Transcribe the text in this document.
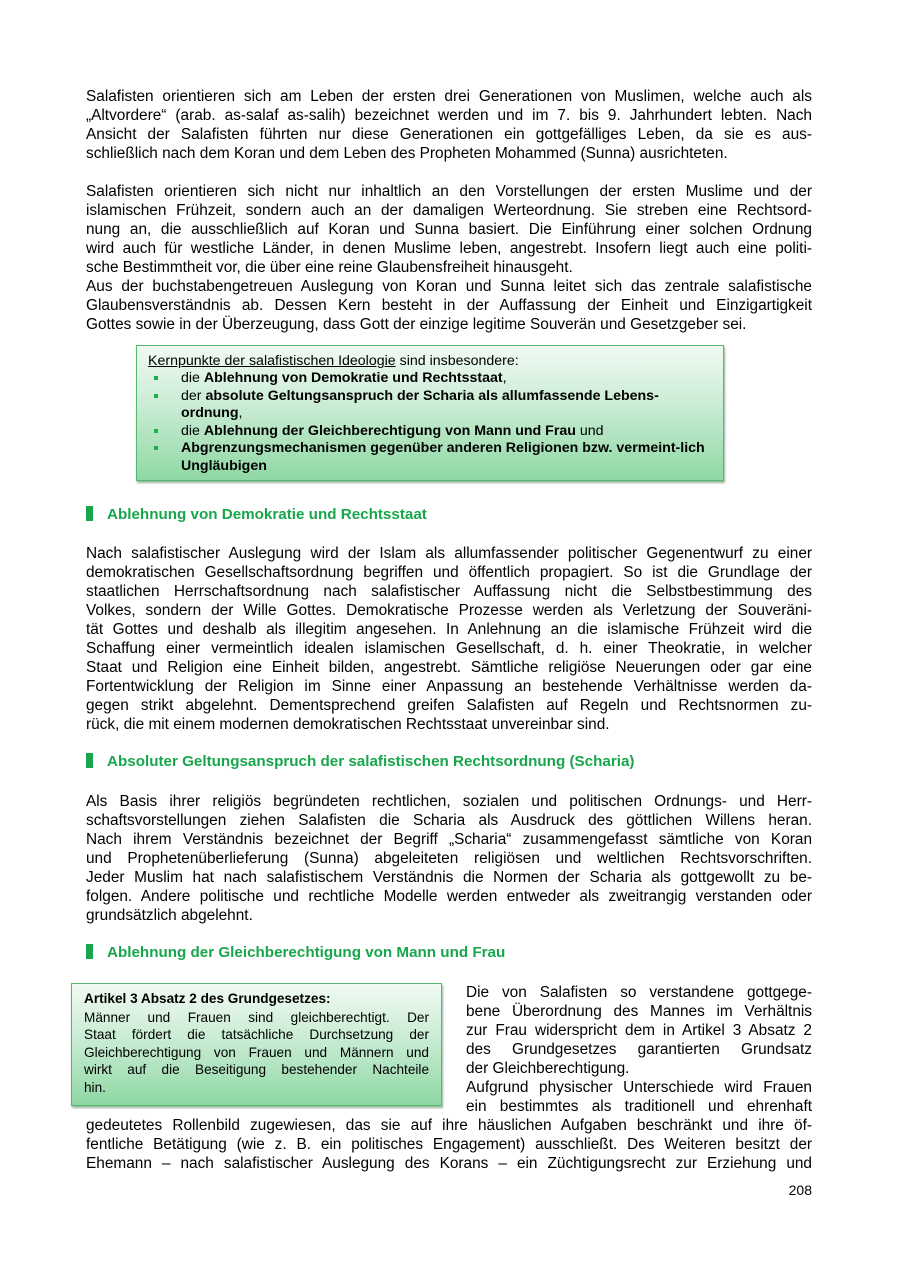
Salafisten orientieren sich am Leben der ersten drei Generationen von Muslimen, welche auch als
„Altvordere“ (arab. as-salaf as-salih) bezeichnet werden und im 7. bis 9. Jahrhundert lebten. Nach
Ansicht der Salafisten führten nur diese Generationen ein gottgefälliges Leben, da sie es aus-
schließlich nach dem Koran und dem Leben des Propheten Mohammed (Sunna) ausrichteten.
Salafisten orientieren sich nicht nur inhaltlich an den Vorstellungen der ersten Muslime und der
islamischen Frühzeit, sondern auch an der damaligen Werteordnung. Sie streben eine Rechtsord-
nung an, die ausschließlich auf Koran und Sunna basiert. Die Einführung einer solchen Ordnung
wird auch für westliche Länder, in denen Muslime leben, angestrebt. Insofern liegt auch eine politi-
sche Bestimmtheit vor, die über eine reine Glaubensfreiheit hinausgeht.
Aus der buchstabengetreuen Auslegung von Koran und Sunna leitet sich das zentrale salafistische
Glaubensverständnis ab. Dessen Kern besteht in der Auffassung der Einheit und Einzigartigkeit
Gottes sowie in der Überzeugung, dass Gott der einzige legitime Souverän und Gesetzgeber sei.
Kernpunkte der salafistischen Ideologie sind insbesondere:
die Ablehnung von Demokratie und Rechtsstaat,
der absolute Geltungsanspruch der Scharia als allumfassende Lebens-ordnung,
die Ablehnung der Gleichberechtigung von Mann und Frau und
Abgrenzungsmechanismen gegenüber anderen Religionen bzw. vermeint-lich Ungläubigen
Ablehnung von Demokratie und Rechtsstaat
Nach salafistischer Auslegung wird der Islam als allumfassender politischer Gegenentwurf zu einer
demokratischen Gesellschaftsordnung begriffen und öffentlich propagiert. So ist die Grundlage der
staatlichen Herrschaftsordnung nach salafistischer Auffassung nicht die Selbstbestimmung des
Volkes, sondern der Wille Gottes. Demokratische Prozesse werden als Verletzung der Souveräni-
tät Gottes und deshalb als illegitim angesehen. In Anlehnung an die islamische Frühzeit wird die
Schaffung einer vermeintlich idealen islamischen Gesellschaft, d. h. einer Theokratie, in welcher
Staat und Religion eine Einheit bilden, angestrebt. Sämtliche religiöse Neuerungen oder gar eine
Fortentwicklung der Religion im Sinne einer Anpassung an bestehende Verhältnisse werden da-
gegen strikt abgelehnt. Dementsprechend greifen Salafisten auf Regeln und Rechtsnormen zu-
rück, die mit einem modernen demokratischen Rechtsstaat unvereinbar sind.
Absoluter Geltungsanspruch der salafistischen Rechtsordnung (Scharia)
Als Basis ihrer religiös begründeten rechtlichen, sozialen und politischen Ordnungs- und Herr-
schaftsvorstellungen ziehen Salafisten die Scharia als Ausdruck des göttlichen Willens heran.
Nach ihrem Verständnis bezeichnet der Begriff „Scharia“ zusammengefasst sämtliche von Koran
und Prophetenüberlieferung (Sunna) abgeleiteten religiösen und weltlichen Rechtsvorschriften.
Jeder Muslim hat nach salafistischem Verständnis die Normen der Scharia als gottgewollt zu be-
folgen. Andere politische und rechtliche Modelle werden entweder als zweitrangig verstanden oder
grundsätzlich abgelehnt.
Ablehnung der Gleichberechtigung von Mann und Frau
Artikel 3 Absatz 2 des Grundgesetzes:
Männer und Frauen sind gleichberechtigt. Der
Staat fördert die tatsächliche Durchsetzung der
Gleichberechtigung von Frauen und Männern und
wirkt auf die Beseitigung bestehender Nachteile
hin.
Die von Salafisten so verstandene gottgege-
bene Überordnung des Mannes im Verhältnis
zur Frau widerspricht dem in Artikel 3 Absatz 2
des Grundgesetzes garantierten Grundsatz
der Gleichberechtigung.
Aufgrund physischer Unterschiede wird Frauen
ein bestimmtes als traditionell und ehrenhaft
gedeutetes Rollenbild zugewiesen, das sie auf ihre häuslichen Aufgaben beschränkt und ihre öf-
fentliche Betätigung (wie z. B. ein politisches Engagement) ausschließt. Des Weiteren besitzt der
Ehemann – nach salafistischer Auslegung des Korans – ein Züchtigungsrecht zur Erziehung und
208
